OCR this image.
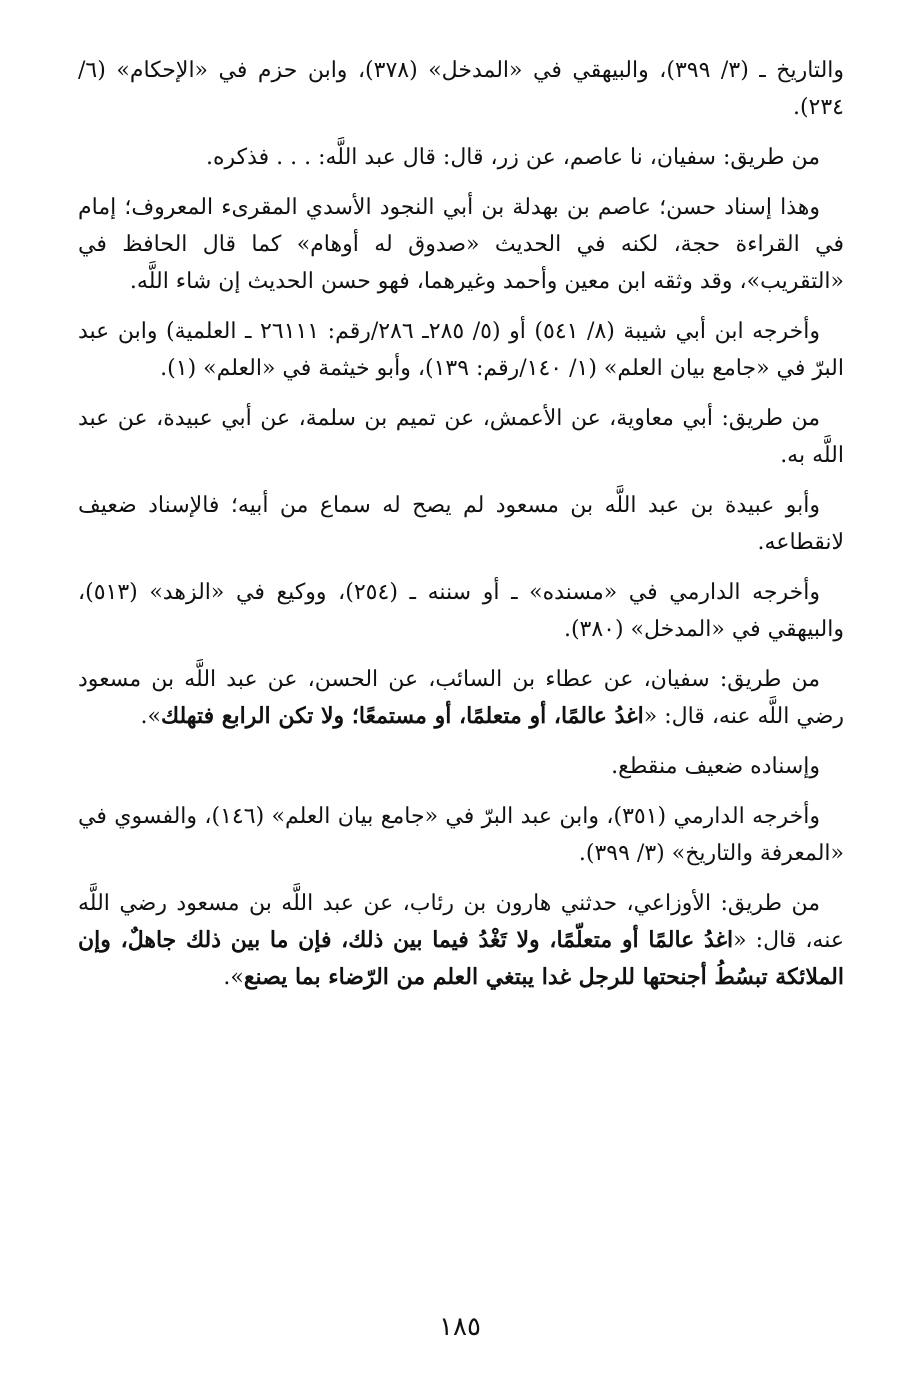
والتاريخ ـ (٣/ ٣٩٩)، والبيهقي في «المدخل» (٣٧٨)، وابن حزم في «الإحكام» (٦/ ٢٣٤).

من طريق: سفيان، نا عاصم، عن زر، قال: قال عبد اللَّه: . . . فذكره.

وهذا إسناد حسن؛ عاصم بن بهدلة بن أبي النجود الأسدي المقرىء المعروف؛ إمام في القراءة حجة، لكنه في الحديث «صدوق له أوهام» كما قال الحافظ في «التقريب»، وقد وثقه ابن معين وأحمد وغيرهما، فهو حسن الحديث إن شاء اللَّه.

وأخرجه ابن أبي شيبة (٨/ ٥٤١) أو (٥/ ٢٨٥ـ ٢٨٦/رقم: ٢٦١١١ ـ العلمية) وابن عبد البرّ في «جامع بيان العلم» (١/ ١٤٠/رقم: ١٣٩)، وأبو خيثمة في «العلم» (١).

من طريق: أبي معاوية، عن الأعمش، عن تميم بن سلمة، عن أبي عبيدة، عن عبد اللَّه به.

وأبو عبيدة بن عبد اللَّه بن مسعود لم يصح له سماع من أبيه؛ فالإسناد ضعيف لانقطاعه.

وأخرجه الدارمي في «مسنده» ـ أو سننه ـ (٢٥٤)، ووكيع في «الزهد» (٥١٣)، والبيهقي في «المدخل» (٣٨٠).

من طريق: سفيان، عن عطاء بن السائب، عن الحسن، عن عبد اللَّه بن مسعود رضي اللَّه عنه، قال: «اغدُ عالمًا، أو متعلمًا، أو مستمعًا؛ ولا تكن الرابع فتهلك».

وإسناده ضعيف منقطع.

وأخرجه الدارمي (٣٥١)، وابن عبد البرّ في «جامع بيان العلم» (١٤٦)، والفسوي في «المعرفة والتاريخ» (٣/ ٣٩٩).

من طريق: الأوزاعي، حدثني هارون بن رئاب، عن عبد اللَّه بن مسعود رضي اللَّه عنه، قال: «اغدُ عالمًا أو متعلّمًا، ولا تَغْدُ فيما بين ذلك، فإن ما بين ذلك جاهلٌ، وإن الملائكة تبسُطُ أجنحتها للرجل غدا يبتغي العلم من الرّضاء بما يصنع».

١٨٥
